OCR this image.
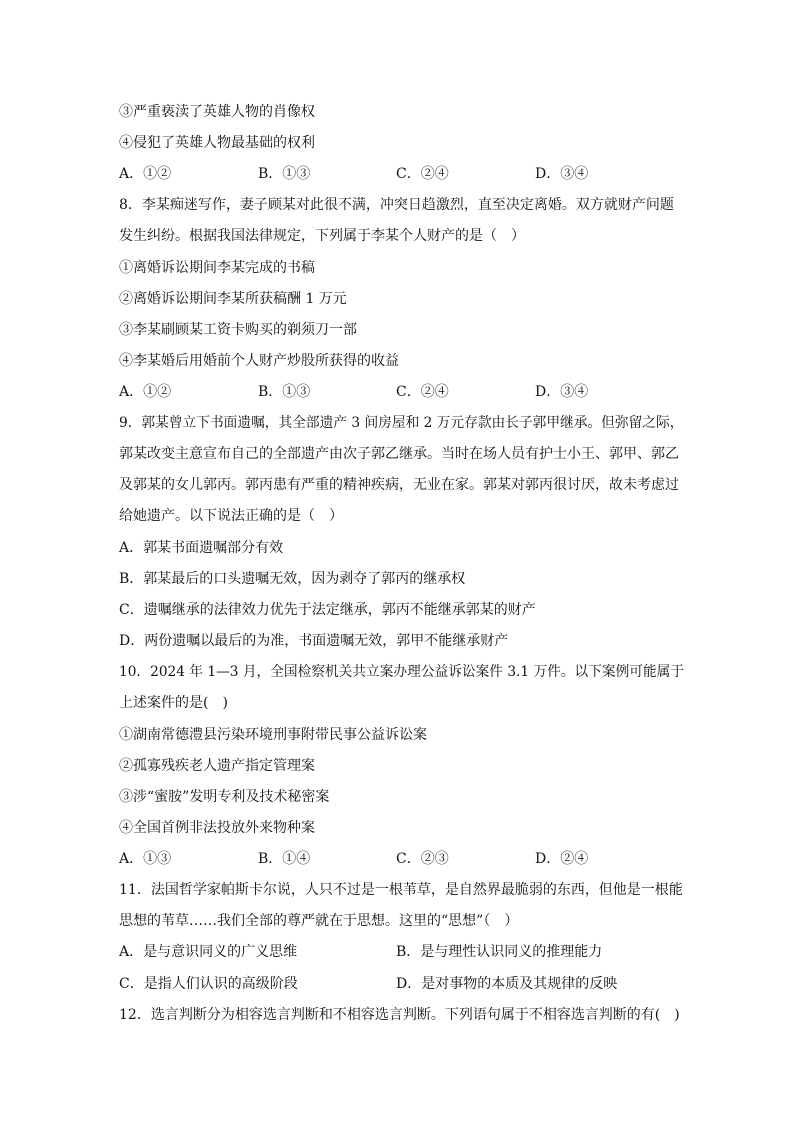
③严重亵渎了英雄人物的肖像权
④侵犯了英雄人物最基础的权利
A．①②	B．①③	C．②④	D．③④
8．李某痴迷写作，妻子顾某对此很不满，冲突日趋激烈，直至决定离婚。双方就财产问题
发生纠纷。根据我国法律规定，下列属于李某个人财产的是（　）
①离婚诉讼期间李某完成的书稿
②离婚诉讼期间李某所获稿酬 1 万元
③李某刷顾某工资卡购买的剃须刀一部
④李某婚后用婚前个人财产炒股所获得的收益
A．①②	B．①③	C．②④	D．③④
9．郭某曾立下书面遗嘱，其全部遗产 3 间房屋和 2 万元存款由长子郭甲继承。但弥留之际，
郭某改变主意宣布自己的全部遗产由次子郭乙继承。当时在场人员有护士小王、郭甲、郭乙
及郭某的女儿郭丙。郭丙患有严重的精神疾病，无业在家。郭某对郭丙很讨厌，故未考虑过
给她遗产。以下说法正确的是（　）
A．郭某书面遗嘱部分有效
B．郭某最后的口头遗嘱无效，因为剥夺了郭丙的继承权
C．遗嘱继承的法律效力优先于法定继承，郭丙不能继承郭某的财产
D．两份遗嘱以最后的为准，书面遗嘱无效，郭甲不能继承财产
10．2024 年 1—3 月，全国检察机关共立案办理公益诉讼案件 3.1 万件。以下案例可能属于
上述案件的是(　)
①湖南常德澧县污染环境刑事附带民事公益诉讼案
②孤寡残疾老人遗产指定管理案
③涉“蜜胺”发明专利及技术秘密案
④全国首例非法投放外来物种案
A．①③	B．①④	C．②③	D．②④
11．法国哲学家帕斯卡尔说，人只不过是一根苇草，是自然界最脆弱的东西，但他是一根能
思想的苇草……我们全部的尊严就在于思想。这里的“思想”（　）
A．是与意识同义的广义思维	B．是与理性认识同义的推理能力
C．是指人们认识的高级阶段	D．是对事物的本质及其规律的反映
12．选言判断分为相容选言判断和不相容选言判断。下列语句属于不相容选言判断的有(　)
